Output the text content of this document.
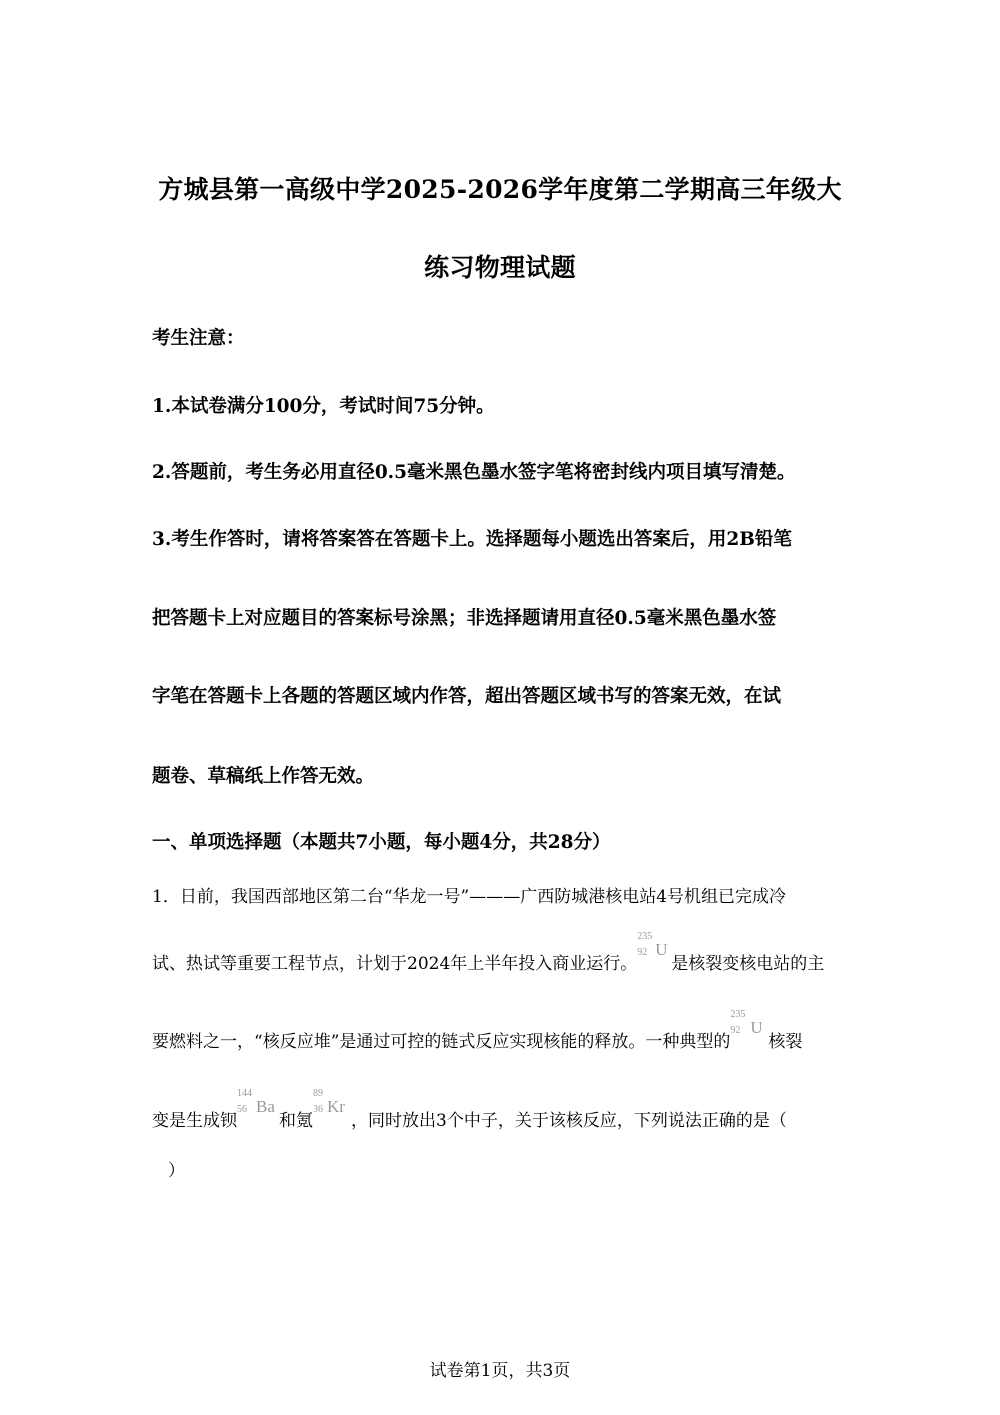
方城县第一高级中学2025-2026学年度第二学期高三年级大
练习物理试题
考生注意：
1.本试卷满分100分，考试时间75分钟。
2.答题前，考生务必用直径0.5毫米黑色墨水签字笔将密封线内项目填写清楚。
3.考生作答时，请将答案答在答题卡上。选择题每小题选出答案后，用2B铅笔
把答题卡上对应题目的答案标号涂黑；非选择题请用直径0.5毫米黑色墨水签
字笔在答题卡上各题的答题区域内作答，超出答题区域书写的答案无效，在试
题卷、草稿纸上作答无效。
一、单项选择题（本题共7小题，每小题4分，共28分）
1．日前，我国西部地区第二台“华龙一号”———广西防城港核电站4号机组已完成冷
试、热试等重要工程节点，计划于2024年上半年投入商业运行。
235
92 U是核裂变核电站的主
要燃料之一，“核反应堆”是通过可控的链式反应实现核能的释放。一种典型的
235
92 U核裂
变是生成钡
144
56 Ba和氪
89
36 Kr，同时放出3个中子，关于该核反应，下列说法正确的是（
）
试卷第1页，共3页
